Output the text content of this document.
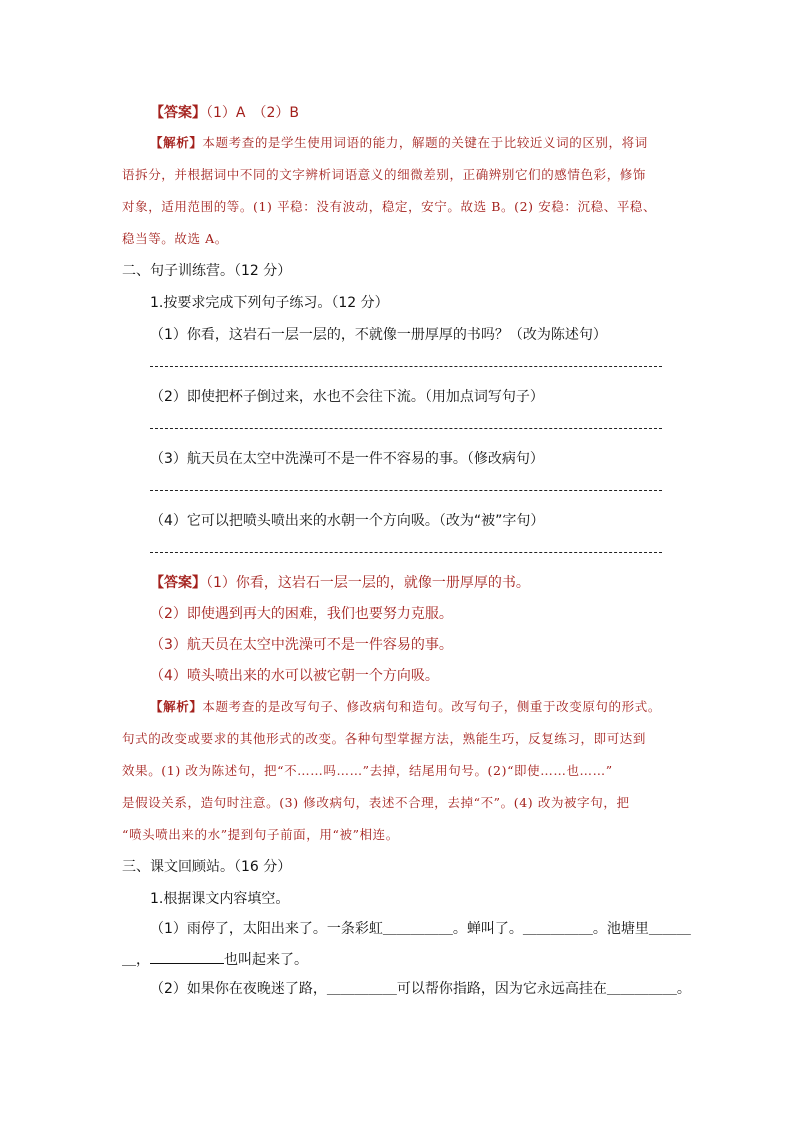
【答案】（1）A　（2）B
【解析】本题考查的是学生使用词语的能力，解题的关键在于比较近义词的区别，将词
语拆分，并根据词中不同的文字辨析词语意义的细微差别，正确辨别它们的感情色彩，修饰
对象，适用范围的等。(1) 平稳：没有波动，稳定，安宁。故选 B。(2) 安稳：沉稳、平稳、
稳当等。故选 A。
二、句子训练营。（12 分）
1.按要求完成下列句子练习。（12 分）
（1）你看，这岩石一层一层的，不就像一册厚厚的书吗？（改为陈述句）
（2）即使把杯子倒过来，水也不会往下流。（用加点词写句子）
（3）航天员在太空中洗澡可不是一件不容易的事。（修改病句）
（4）它可以把喷头喷出来的水朝一个方向吸。（改为“被”字句）
【答案】（1）你看，这岩石一层一层的，就像一册厚厚的书。
（2）即使遇到再大的困难，我们也要努力克服。
（3）航天员在太空中洗澡可不是一件容易的事。
（4）喷头喷出来的水可以被它朝一个方向吸。
【解析】本题考查的是改写句子、修改病句和造句。改写句子，侧重于改变原句的形式。
句式的改变或要求的其他形式的改变。各种句型掌握方法，熟能生巧，反复练习，即可达到
效果。(1) 改为陈述句，把“不……吗……”去掉，结尾用句号。(2)“即使……也……”
是假设关系，造句时注意。(3) 修改病句，表述不合理，去掉“不”。(4) 改为被字句，把
“喷头喷出来的水”提到句子前面，用“被”相连。
三、课文回顾站。（16 分）
1.根据课文内容填空。
（1）雨停了，太阳出来了。一条彩虹＿＿＿＿＿。蝉叫了。＿＿＿＿＿。池塘里＿＿＿
＿，	也叫起来了。
（2）如果你在夜晚迷了路，＿＿＿＿＿可以帮你指路，因为它永远高挂在＿＿＿＿＿。
